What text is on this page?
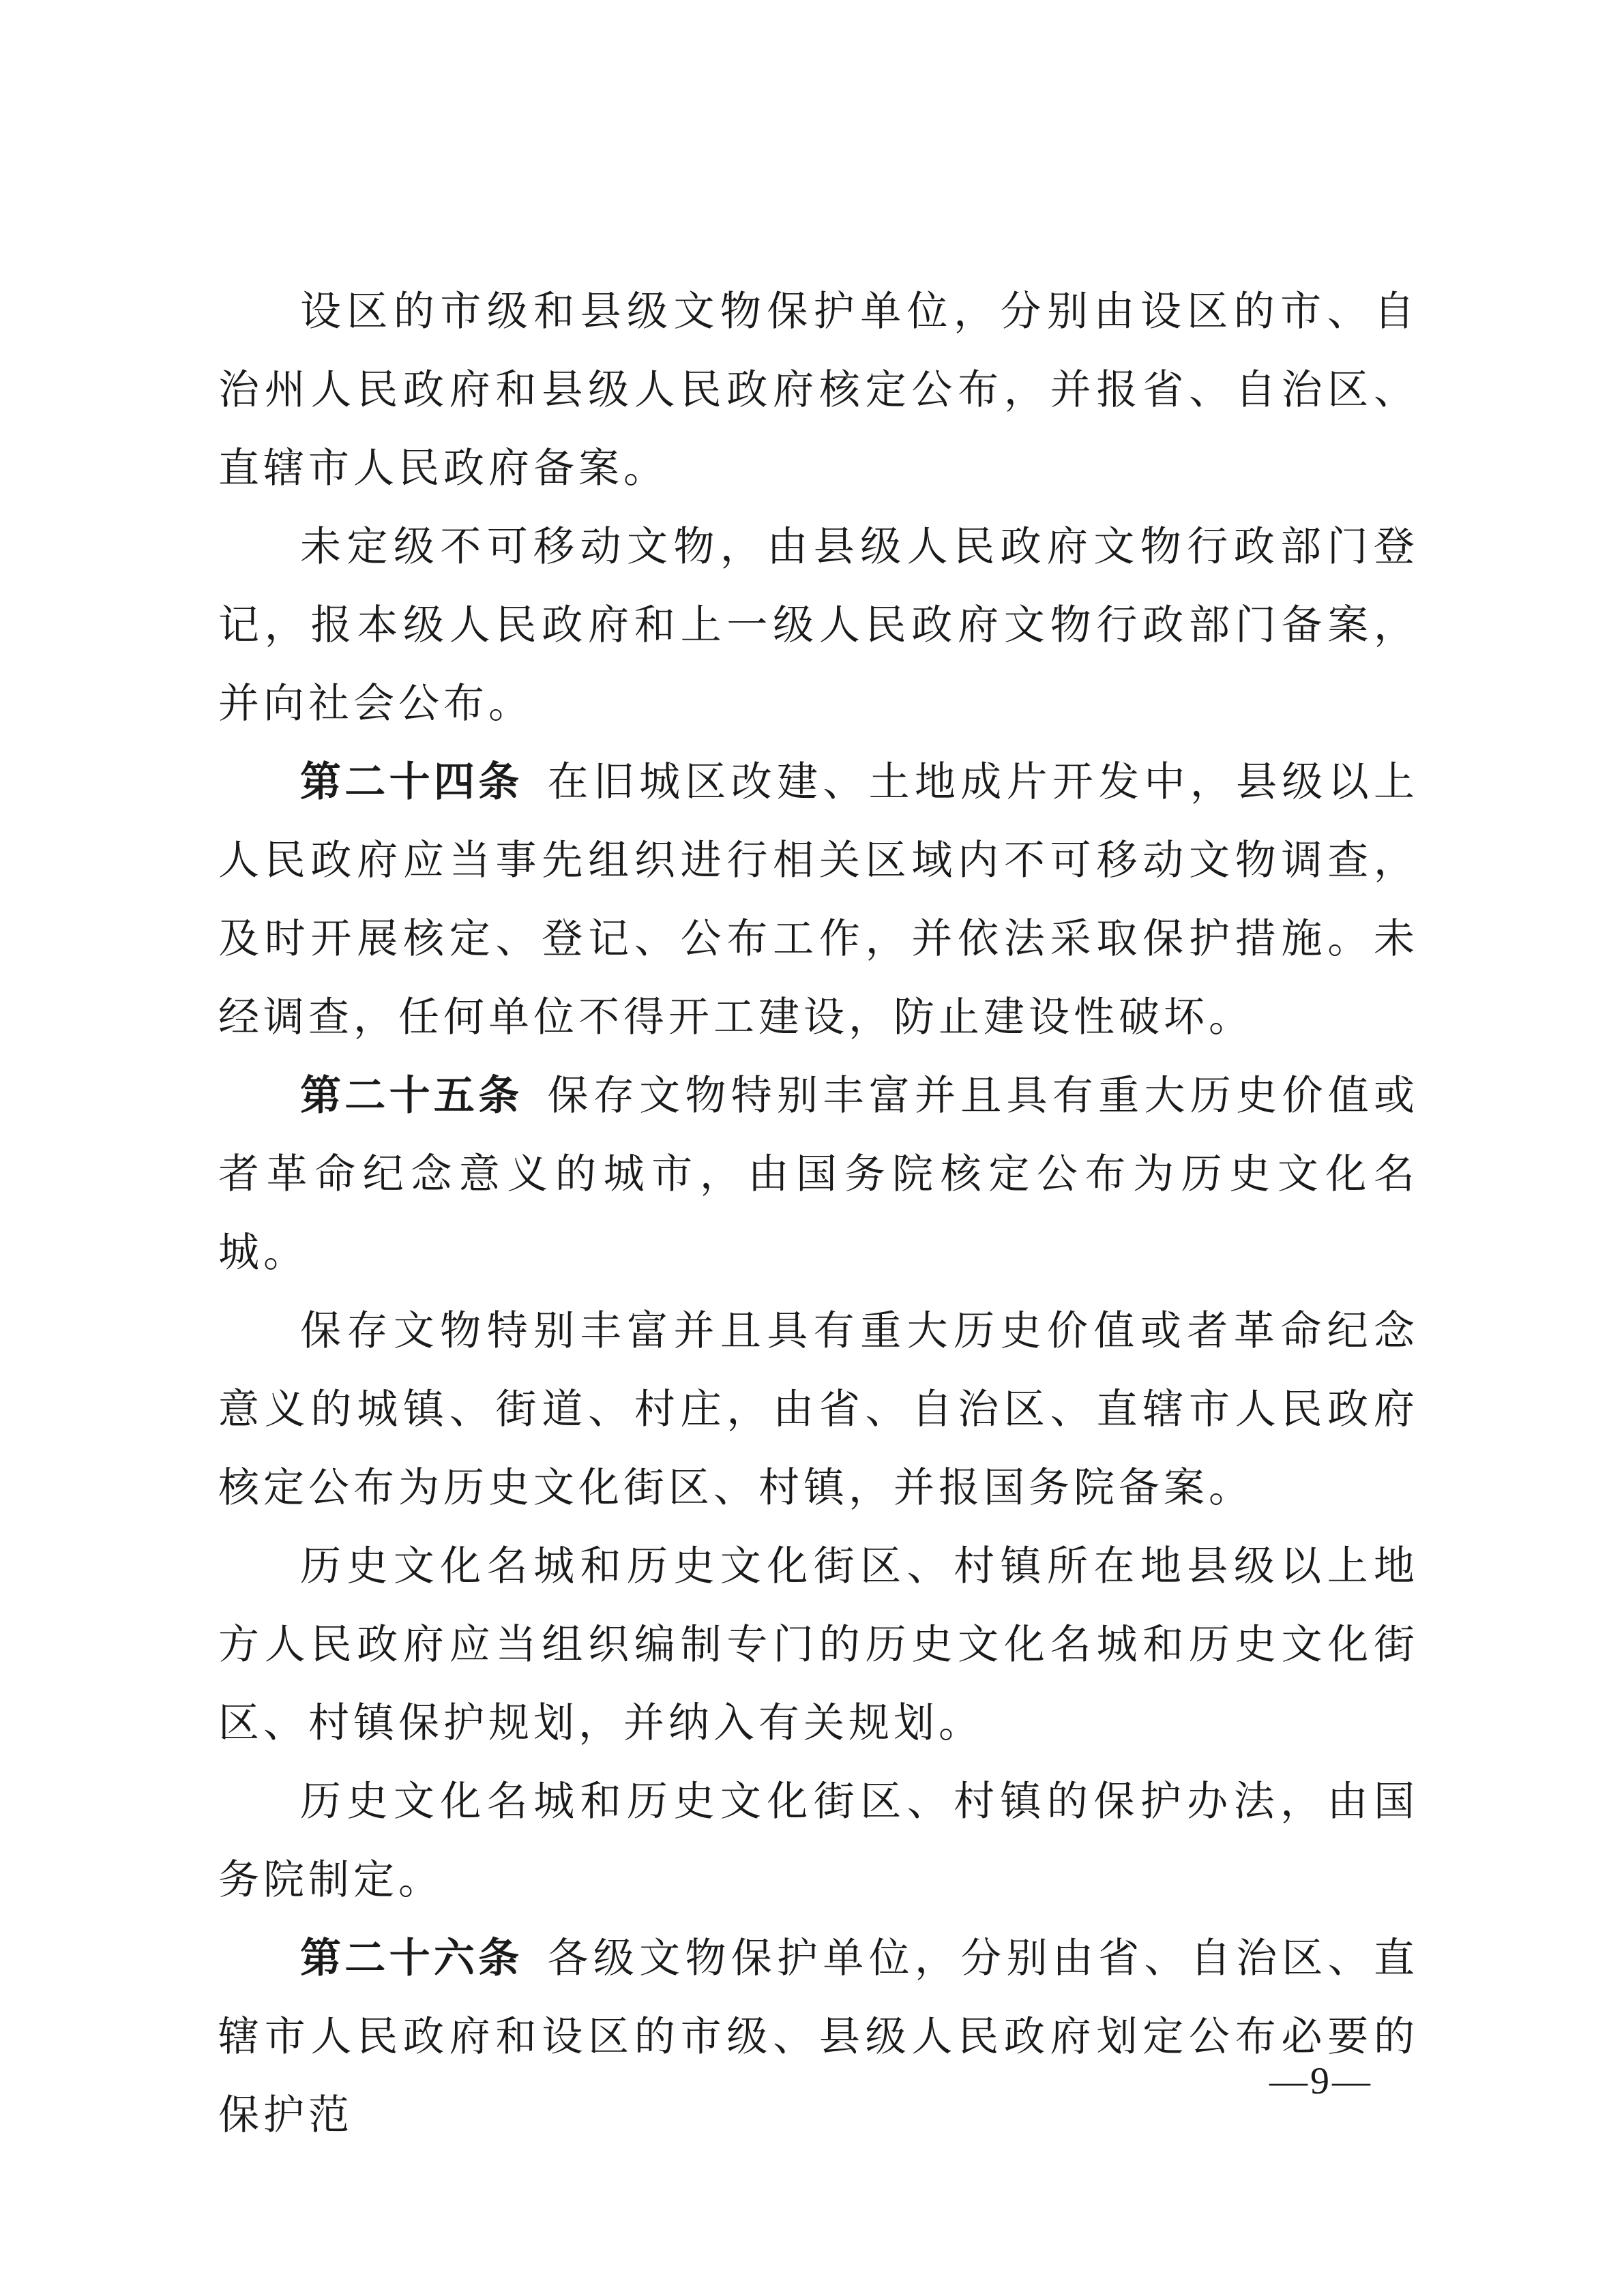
设区的市级和县级文物保护单位，分别由设区的市、自治州人民政府和县级人民政府核定公布，并报省、自治区、直辖市人民政府备案。

未定级不可移动文物，由县级人民政府文物行政部门登记，报本级人民政府和上一级人民政府文物行政部门备案，并向社会公布。

第二十四条 在旧城区改建、土地成片开发中，县级以上人民政府应当事先组织进行相关区域内不可移动文物调查，及时开展核定、登记、公布工作，并依法采取保护措施。未经调查，任何单位不得开工建设，防止建设性破坏。

第二十五条 保存文物特别丰富并且具有重大历史价值或者革命纪念意义的城市，由国务院核定公布为历史文化名城。

保存文物特别丰富并且具有重大历史价值或者革命纪念意义的城镇、街道、村庄，由省、自治区、直辖市人民政府核定公布为历史文化街区、村镇，并报国务院备案。

历史文化名城和历史文化街区、村镇所在地县级以上地方人民政府应当组织编制专门的历史文化名城和历史文化街区、村镇保护规划，并纳入有关规划。

历史文化名城和历史文化街区、村镇的保护办法，由国务院制定。

第二十六条 各级文物保护单位，分别由省、自治区、直辖市人民政府和设区的市级、县级人民政府划定公布必要的保护范

—9—
